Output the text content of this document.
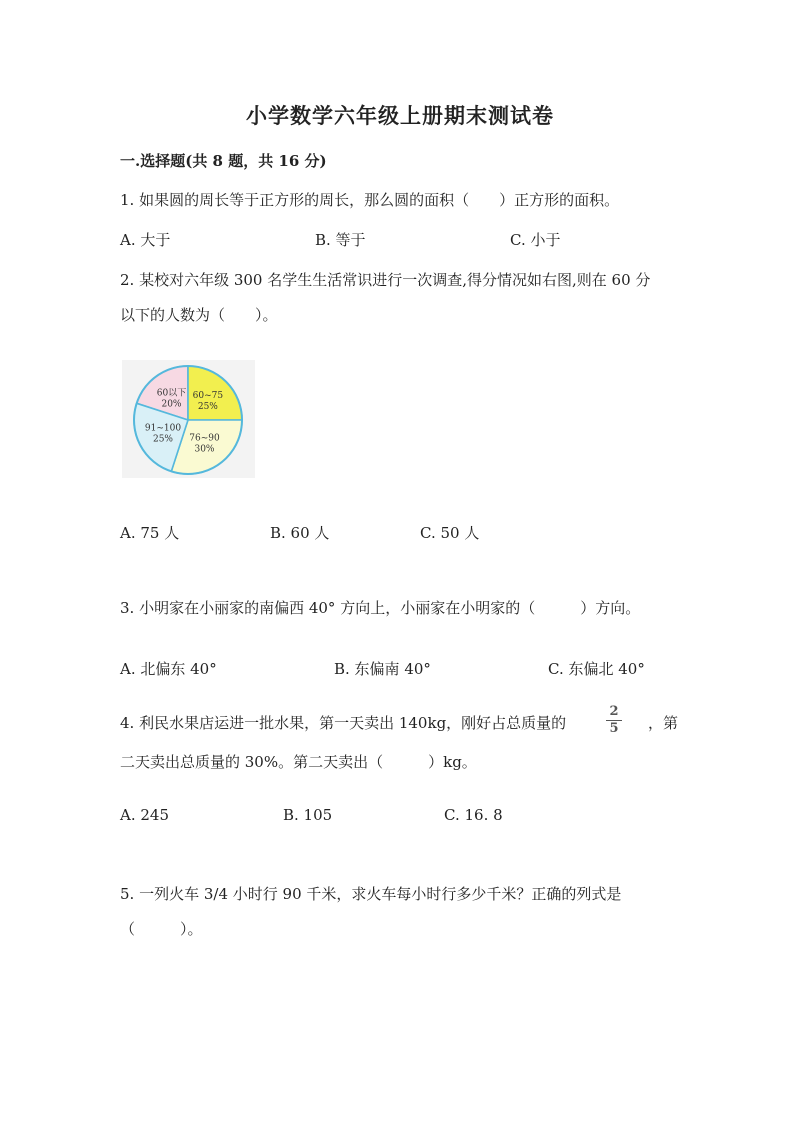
小学数学六年级上册期末测试卷
一.选择题(共 8 题，共 16 分)
1. 如果圆的周长等于正方形的周长，那么圆的面积（　　）正方形的面积。
A. 大于	B. 等于	C. 小于
2. 某校对六年级 300 名学生生活常识进行一次调查,得分情况如右图,则在 60 分
以下的人数为（　　）。
60以下
20%
60~75
25%
76~90
30%
91~100
25%
A. 75 人	B. 60 人	C. 50 人
3. 小明家在小丽家的南偏西 40° 方向上，小丽家在小明家的（　　　）方向。
A. 北偏东 40°	B. 东偏南 40°	C. 东偏北 40°
4. 利民水果店运进一批水果，第一天卖出 140kg，刚好占总质量的
2
5 ，第
二天卖出总质量的 30%。第二天卖出（　　　）kg。
A. 245	B. 105	C. 16. 8
5. 一列火车 3/4 小时行 90 千米，求火车每小时行多少千米？正确的列式是
（　　　）。
